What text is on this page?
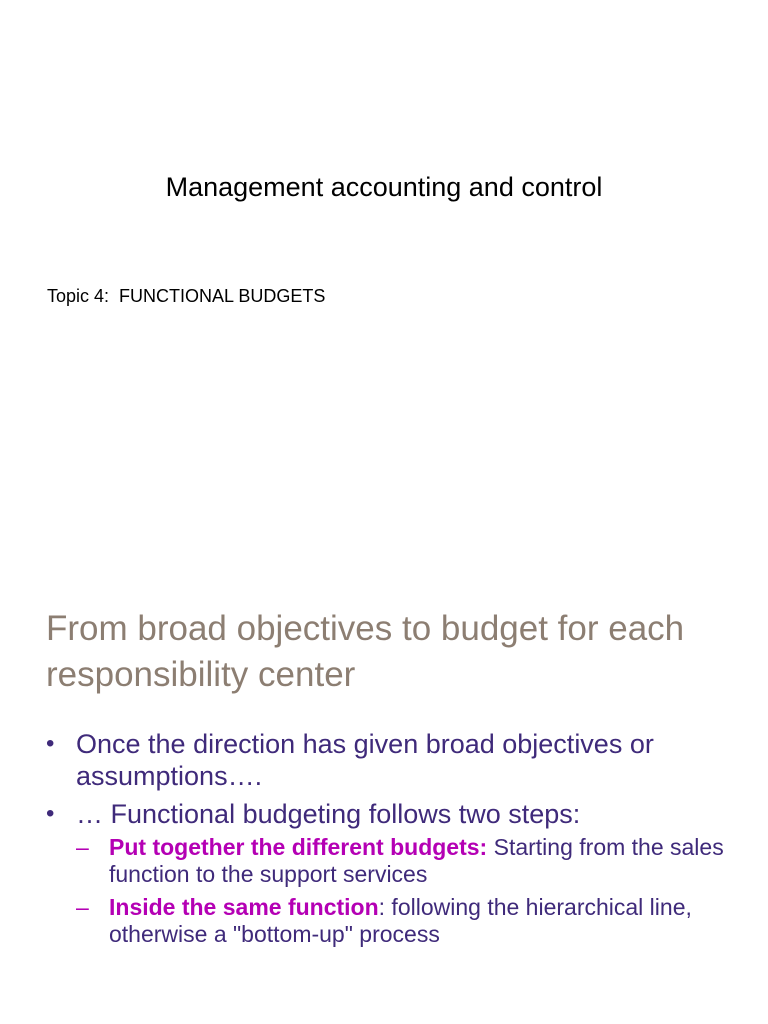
Management accounting and control
Topic 4:  FUNCTIONAL BUDGETS
From broad objectives to budget for each responsibility center
• Once the direction has given broad objectives or assumptions….
• … Functional budgeting follows two steps:
– Put together the different budgets: Starting from the sales function to the support services
– Inside the same function: following the hierarchical line, otherwise a "bottom-up" process
